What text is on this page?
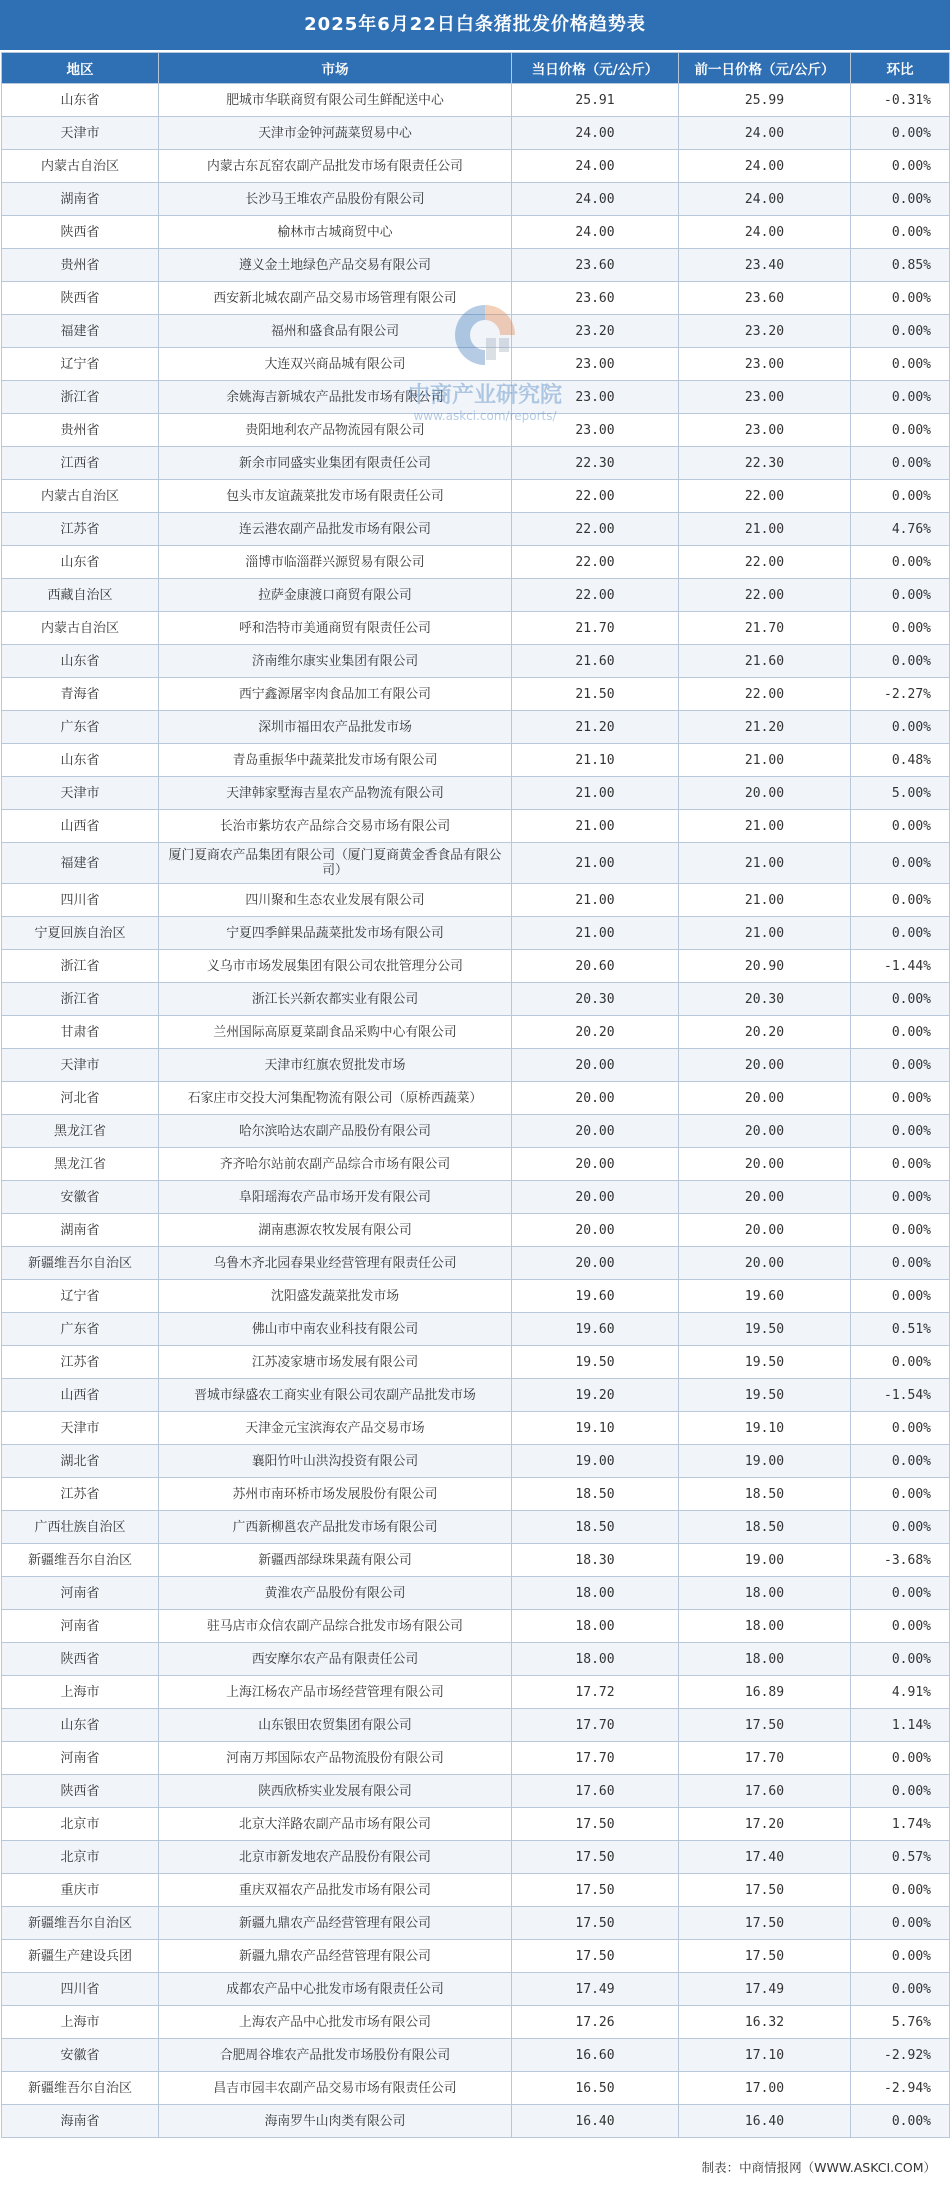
2025年6月22日白条猪批发价格趋势表
地区	市场	当日价格（元/公斤）	前一日价格（元/公斤）	环比
山东省	肥城市华联商贸有限公司生鲜配送中心	25.91	25.99	-0.31%
天津市	天津市金钟河蔬菜贸易中心	24.00	24.00	0.00%
内蒙古自治区	内蒙古东瓦窑农副产品批发市场有限责任公司	24.00	24.00	0.00%
湖南省	长沙马王堆农产品股份有限公司	24.00	24.00	0.00%
陕西省	榆林市古城商贸中心	24.00	24.00	0.00%
贵州省	遵义金土地绿色产品交易有限公司	23.60	23.40	0.85%
陕西省	西安新北城农副产品交易市场管理有限公司	23.60	23.60	0.00%
福建省	福州和盛食品有限公司	23.20	23.20	0.00%
辽宁省	大连双兴商品城有限公司	23.00	23.00	0.00%
浙江省	余姚海吉新城农产品批发市场有限公司	23.00	23.00	0.00%
贵州省	贵阳地利农产品物流园有限公司	23.00	23.00	0.00%
江西省	新余市同盛实业集团有限责任公司	22.30	22.30	0.00%
内蒙古自治区	包头市友谊蔬菜批发市场有限责任公司	22.00	22.00	0.00%
江苏省	连云港农副产品批发市场有限公司	22.00	21.00	4.76%
山东省	淄博市临淄群兴源贸易有限公司	22.00	22.00	0.00%
西藏自治区	拉萨金康渡口商贸有限公司	22.00	22.00	0.00%
内蒙古自治区	呼和浩特市美通商贸有限责任公司	21.70	21.70	0.00%
山东省	济南维尔康实业集团有限公司	21.60	21.60	0.00%
青海省	西宁鑫源屠宰肉食品加工有限公司	21.50	22.00	-2.27%
广东省	深圳市福田农产品批发市场	21.20	21.20	0.00%
山东省	青岛重振华中蔬菜批发市场有限公司	21.10	21.00	0.48%
天津市	天津韩家墅海吉星农产品物流有限公司	21.00	20.00	5.00%
山西省	长治市紫坊农产品综合交易市场有限公司	21.00	21.00	0.00%
福建省	厦门夏商农产品集团有限公司（厦门夏商黄金香食品有限公司）	21.00	21.00	0.00%
四川省	四川聚和生态农业发展有限公司	21.00	21.00	0.00%
宁夏回族自治区	宁夏四季鲜果品蔬菜批发市场有限公司	21.00	21.00	0.00%
浙江省	义乌市市场发展集团有限公司农批管理分公司	20.60	20.90	-1.44%
浙江省	浙江长兴新农都实业有限公司	20.30	20.30	0.00%
甘肃省	兰州国际高原夏菜副食品采购中心有限公司	20.20	20.20	0.00%
天津市	天津市红旗农贸批发市场	20.00	20.00	0.00%
河北省	石家庄市交投大河集配物流有限公司（原桥西蔬菜）	20.00	20.00	0.00%
黑龙江省	哈尔滨哈达农副产品股份有限公司	20.00	20.00	0.00%
黑龙江省	齐齐哈尔站前农副产品综合市场有限公司	20.00	20.00	0.00%
安徽省	阜阳瑶海农产品市场开发有限公司	20.00	20.00	0.00%
湖南省	湖南惠源农牧发展有限公司	20.00	20.00	0.00%
新疆维吾尔自治区	乌鲁木齐北园春果业经营管理有限责任公司	20.00	20.00	0.00%
辽宁省	沈阳盛发蔬菜批发市场	19.60	19.60	0.00%
广东省	佛山市中南农业科技有限公司	19.60	19.50	0.51%
江苏省	江苏凌家塘市场发展有限公司	19.50	19.50	0.00%
山西省	晋城市绿盛农工商实业有限公司农副产品批发市场	19.20	19.50	-1.54%
天津市	天津金元宝滨海农产品交易市场	19.10	19.10	0.00%
湖北省	襄阳竹叶山洪沟投资有限公司	19.00	19.00	0.00%
江苏省	苏州市南环桥市场发展股份有限公司	18.50	18.50	0.00%
广西壮族自治区	广西新柳邕农产品批发市场有限公司	18.50	18.50	0.00%
新疆维吾尔自治区	新疆西部绿珠果蔬有限公司	18.30	19.00	-3.68%
河南省	黄淮农产品股份有限公司	18.00	18.00	0.00%
河南省	驻马店市众信农副产品综合批发市场有限公司	18.00	18.00	0.00%
陕西省	西安摩尔农产品有限责任公司	18.00	18.00	0.00%
上海市	上海江杨农产品市场经营管理有限公司	17.72	16.89	4.91%
山东省	山东银田农贸集团有限公司	17.70	17.50	1.14%
河南省	河南万邦国际农产品物流股份有限公司	17.70	17.70	0.00%
陕西省	陕西欣桥实业发展有限公司	17.60	17.60	0.00%
北京市	北京大洋路农副产品市场有限公司	17.50	17.20	1.74%
北京市	北京市新发地农产品股份有限公司	17.50	17.40	0.57%
重庆市	重庆双福农产品批发市场有限公司	17.50	17.50	0.00%
新疆维吾尔自治区	新疆九鼎农产品经营管理有限公司	17.50	17.50	0.00%
新疆生产建设兵团	新疆九鼎农产品经营管理有限公司	17.50	17.50	0.00%
四川省	成都农产品中心批发市场有限责任公司	17.49	17.49	0.00%
上海市	上海农产品中心批发市场有限公司	17.26	16.32	5.76%
安徽省	合肥周谷堆农产品批发市场股份有限公司	16.60	17.10	-2.92%
新疆维吾尔自治区	昌吉市园丰农副产品交易市场有限责任公司	16.50	17.00	-2.94%
海南省	海南罗牛山肉类有限公司	16.40	16.40	0.00%
中商产业研究院
www.askci.com/reports/
制表：中商情报网（WWW.ASKCI.COM）
